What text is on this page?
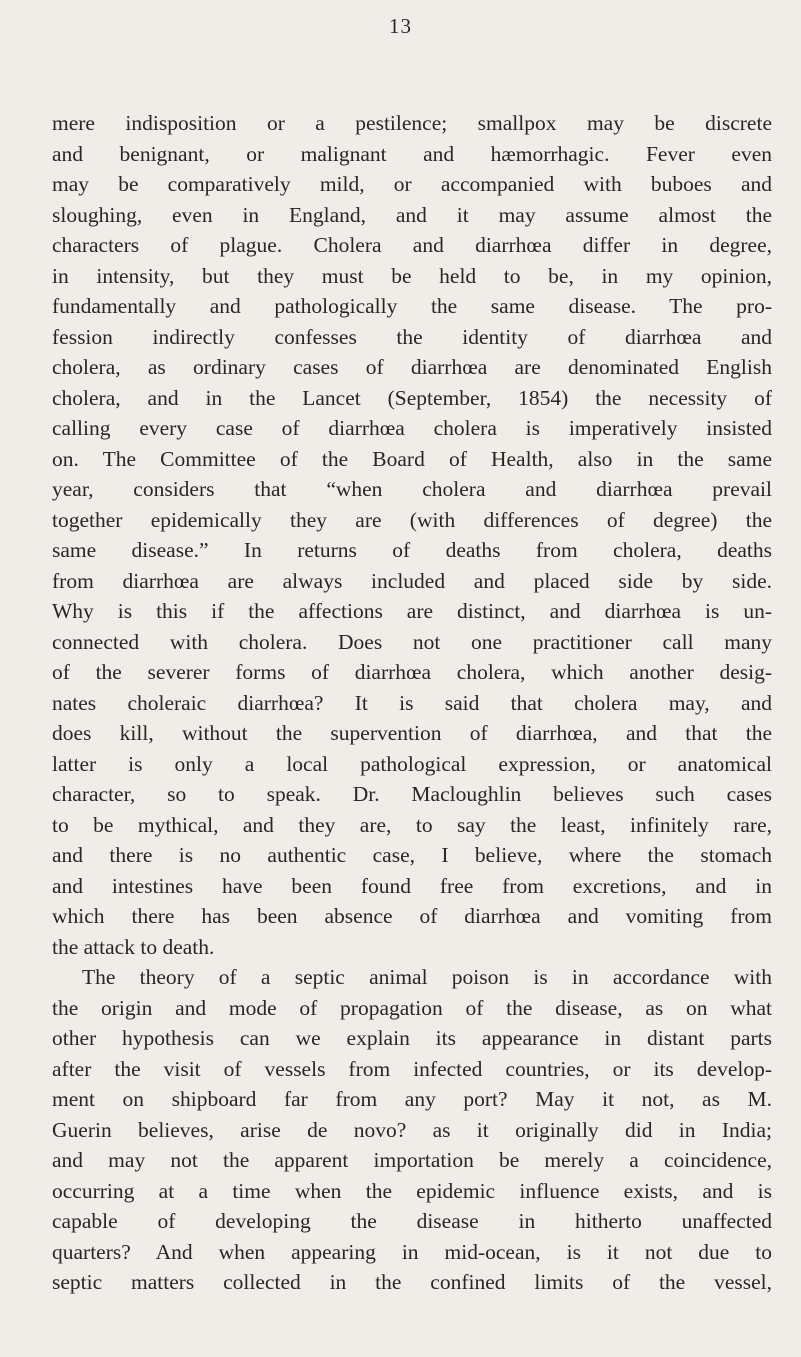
13
mere indisposition or a pestilence; smallpox may be discrete
and benignant, or malignant and hæmorrhagic. Fever even
may be comparatively mild, or accompanied with buboes and
sloughing, even in England, and it may assume almost the
characters of plague. Cholera and diarrhœa differ in degree,
in intensity, but they must be held to be, in my opinion,
fundamentally and pathologically the same disease. The pro-
fession indirectly confesses the identity of diarrhœa and
cholera, as ordinary cases of diarrhœa are denominated English
cholera, and in the Lancet (September, 1854) the necessity of
calling every case of diarrhœa cholera is imperatively insisted
on. The Committee of the Board of Health, also in the same
year, considers that “when cholera and diarrhœa prevail
together epidemically they are (with differences of degree) the
same disease.” In returns of deaths from cholera, deaths
from diarrhœa are always included and placed side by side.
Why is this if the affections are distinct, and diarrhœa is un-
connected with cholera. Does not one practitioner call many
of the severer forms of diarrhœa cholera, which another desig-
nates choleraic diarrhœa? It is said that cholera may, and
does kill, without the supervention of diarrhœa, and that the
latter is only a local pathological expression, or anatomical
character, so to speak. Dr. Macloughlin believes such cases
to be mythical, and they are, to say the least, infinitely rare,
and there is no authentic case, I believe, where the stomach
and intestines have been found free from excretions, and in
which there has been absence of diarrhœa and vomiting from
the attack to death.
The theory of a septic animal poison is in accordance with
the origin and mode of propagation of the disease, as on what
other hypothesis can we explain its appearance in distant parts
after the visit of vessels from infected countries, or its develop-
ment on shipboard far from any port? May it not, as M.
Guerin believes, arise de novo? as it originally did in India;
and may not the apparent importation be merely a coincidence,
occurring at a time when the epidemic influence exists, and is
capable of developing the disease in hitherto unaffected
quarters? And when appearing in mid-ocean, is it not due to
septic matters collected in the confined limits of the vessel,
